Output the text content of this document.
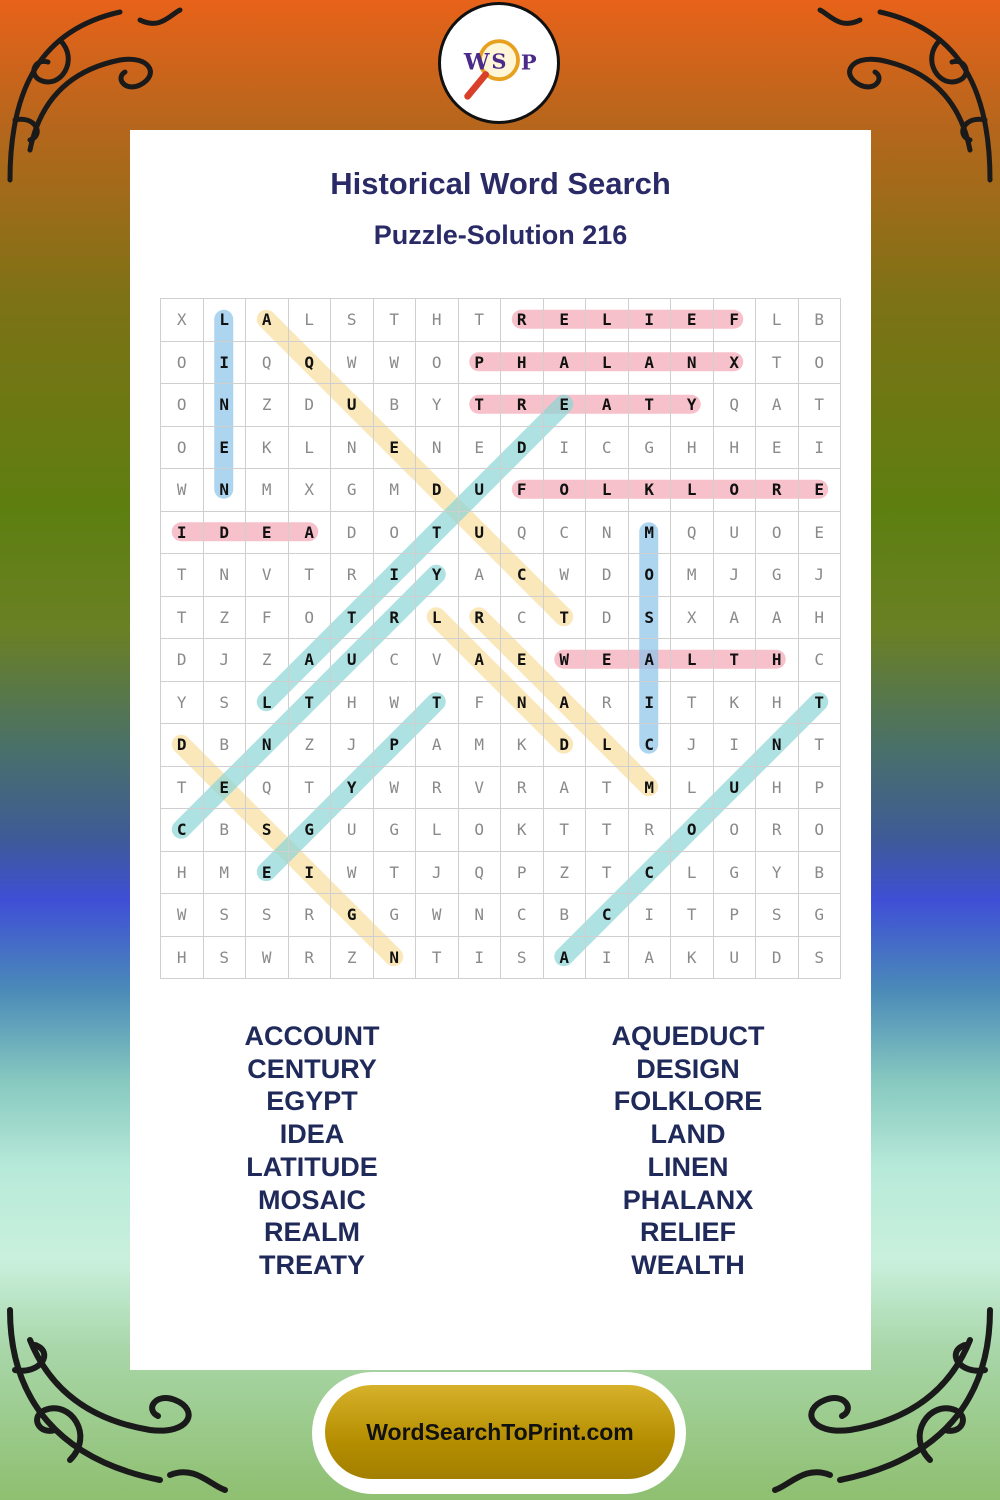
W S P
Historical Word Search
Puzzle-Solution 216
X	L	A	L	S	T	H	T	R	E	L	I	E	F	L	B
O	I	Q	Q	W	W	O	P	H	A	L	A	N	X	T	O
O	N	Z	D	U	B	Y	T	R	E	A	T	Y	Q	A	T
O	E	K	L	N	E	N	E	D	I	C	G	H	H	E	I
W	N	M	X	G	M	D	U	F	O	L	K	L	O	R	E
I	D	E	A	D	O	T	U	Q	C	N	M	Q	U	O	E
T	N	V	T	R	I	Y	A	C	W	D	O	M	J	G	J
T	Z	F	O	T	R	L	R	C	T	D	S	X	A	A	H
D	J	Z	A	U	C	V	A	E	W	E	A	L	T	H	C
Y	S	L	T	H	W	T	F	N	A	R	I	T	K	H	T
D	B	N	Z	J	P	A	M	K	D	L	C	J	I	N	T
T	E	Q	T	Y	W	R	V	R	A	T	M	L	U	H	P
C	B	S	G	U	G	L	O	K	T	T	R	O	O	R	O
H	M	E	I	W	T	J	Q	P	Z	T	C	L	G	Y	B
W	S	S	R	G	G	W	N	C	B	C	I	T	P	S	G
H	S	W	R	Z	N	T	I	S	A	I	A	K	U	D	S
ACCOUNT
CENTURY
EGYPT
IDEA
LATITUDE
MOSAIC
REALM
TREATY
AQUEDUCT
DESIGN
FOLKLORE
LAND
LINEN
PHALANX
RELIEF
WEALTH
WordSearchToPrint.com
